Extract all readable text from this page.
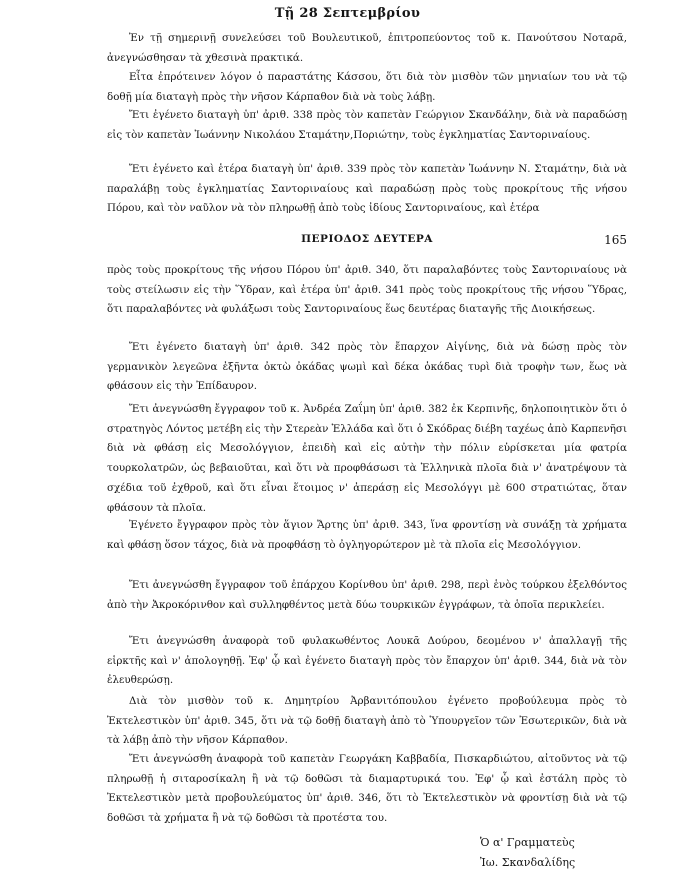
Τῇ 28 Σεπτεμβρίου

Ἐν τῇ σημερινῇ συνελεύσει τοῦ Βουλευτικοῦ, ἐπιτροπεύοντος τοῦ κ. Πανούτσου Νοταρᾶ, ἀνεγνώσθησαν τὰ χθεσινὰ πρακτικά.

Εἶτα ἐπρότεινεν λόγον ὁ παραστάτης Κάσσου, ὅτι διὰ τὸν μισθὸν τῶν μηνιαίων του νὰ τῷ δοθῇ μία διαταγὴ πρὸς τὴν νῆσον Κάρπαθον διὰ νὰ τοὺς λάβῃ.

Ἔτι ἐγένετο διαταγὴ ὑπ' ἀριθ. 338 πρὸς τὸν καπετὰν Γεώργιον Σκανδάλην, διὰ νὰ παραδώσῃ εἰς τὸν καπετὰν Ἰωάννην Νικολάου Σταμάτην,Ποριώτην, τοὺς ἐγκληματίας Σαντοριναίους.

Ἔτι ἐγένετο καὶ ἑτέρα διαταγὴ ὑπ' ἀριθ. 339 πρὸς τὸν καπετὰν Ἰωάννην Ν. Σταμάτην, διὰ νὰ παραλάβῃ τοὺς ἐγκληματίας Σαντοριναίους καὶ παραδώσῃ πρὸς τοὺς προκρίτους τῆς νήσου Πόρου, καὶ τὸν ναῦλον νὰ τὸν πληρωθῇ ἀπὸ τοὺς ἰδίους Σαντοριναίους, καὶ ἑτέρα

ΠΕΡΙΟΔΟΣ ΔΕΥΤΕΡΑ	165

πρὸς τοὺς προκρίτους τῆς νήσου Πόρου ὑπ' ἀριθ. 340, ὅτι παραλαβόντες τοὺς Σαντοριναίους νὰ τοὺς στείλωσιν εἰς τὴν Ὕδραν, καὶ ἑτέρα ὑπ' ἀριθ. 341 πρὸς τοὺς προκρίτους τῆς νήσου Ὕδρας, ὅτι παραλαβόντες νὰ φυλάξωσι τοὺς Σαντοριναίους ἕως δευτέρας διαταγῆς τῆς Διοικήσεως.

Ἔτι ἐγένετο διαταγὴ ὑπ' ἀριθ. 342 πρὸς τὸν ἔπαρχον Αἰγίνης, διὰ νὰ δώσῃ πρὸς τὸν γερμανικὸν λεγεῶνα ἐξῆντα ὀκτὼ ὀκάδας ψωμὶ καὶ δέκα ὀκάδας τυρὶ διὰ τροφὴν των, ἕως νὰ φθάσουν εἰς τὴν Ἐπίδαυρον.

Ἔτι ἀνεγνώσθη ἔγγραφον τοῦ κ. Ἀνδρέα Ζαΐμη ὑπ' ἀριθ. 382 ἐκ Κερπινῆς, δηλοποιητικὸν ὅτι ὁ στρατηγὸς Λόντος μετέβη εἰς τὴν Στερεὰν Ἑλλάδα καὶ ὅτι ὁ Σκόδρας διέβη ταχέως ἀπὸ Καρπενῆσι διὰ νὰ φθάσῃ εἰς Μεσολόγγιον, ἐπειδὴ καὶ εἰς αὐτὴν τὴν πόλιν εὑρίσκεται μία φατρία τουρκολατρῶν, ὡς βεβαιοῦται, καὶ ὅτι νὰ προφθάσωσι τὰ Ἑλληνικὰ πλοῖα διὰ ν' ἀνατρέψουν τὰ σχέδια τοῦ ἐχθροῦ, καὶ ὅτι εἶναι ἕτοιμος ν' ἀπεράσῃ εἰς Μεσολόγγι μὲ 600 στρατιώτας, ὅταν φθάσουν τὰ πλοῖα.

Ἐγένετο ἔγγραφον πρὸς τὸν ἅγιον Ἄρτης ὑπ' ἀριθ. 343, ἵνα φροντίσῃ νὰ συνάξῃ τὰ χρήματα καὶ φθάσῃ ὅσον τάχος, διὰ νὰ προφθάσῃ τὸ ὀγληγορώτερον μὲ τὰ πλοῖα εἰς Μεσολόγγιον.

Ἔτι ἀνεγνώσθη ἔγγραφον τοῦ ἐπάρχου Κορίνθου ὑπ' ἀριθ. 298, περὶ ἑνὸς τούρκου ἐξελθόντος ἀπὸ τὴν Ἀκροκόρινθον καὶ συλληφθέντος μετὰ δύω τουρκικῶν ἐγγράφων, τὰ ὁποῖα περικλείει.

Ἔτι ἀνεγνώσθη ἀναφορὰ τοῦ φυλακωθέντος Λουκᾶ Δούρου, δεομένου ν' ἀπαλλαγῇ τῆς εἱρκτῆς καὶ ν' ἀπολογηθῇ. Ἐφ' ᾧ καὶ ἐγένετο διαταγὴ πρὸς τὸν ἔπαρχον ὑπ' ἀριθ. 344, διὰ νὰ τὸν ἐλευθερώσῃ.

Διὰ τὸν μισθὸν τοῦ κ. Δημητρίου Ἀρβανιτόπουλου ἐγένετο προβούλευμα πρὸς τὸ Ἐκτελεστικὸν ὑπ' ἀριθ. 345, ὅτι νὰ τῷ δοθῇ διαταγὴ ἀπὸ τὸ Ὑπουργεῖον τῶν Ἐσωτερικῶν, διὰ νὰ τὰ λάβῃ ἀπὸ τὴν νῆσον Κάρπαθον.

Ἔτι ἀνεγνώσθη ἀναφορὰ τοῦ καπετὰν Γεωργάκη Καββαδία, Πισκαρδιώτου, αἰτοῦντος νὰ τῷ πληρωθῇ ἡ σιταροσίκαλη ἢ νὰ τῷ δοθῶσι τὰ διαμαρτυρικά του. Ἐφ' ᾧ καὶ ἐστάλη πρὸς τὸ Ἐκτελεστικὸν μετὰ προβουλεύματος ὑπ' ἀριθ. 346, ὅτι τὸ Ἐκτελεστικὸν νὰ φροντίσῃ διὰ νὰ τῷ δοθῶσι τὰ χρήματα ἢ νὰ τῷ δοθῶσι τὰ προτέστα του.

Ὁ α' Γραμματεὺς
Ἰω. Σκανδαλίδης
